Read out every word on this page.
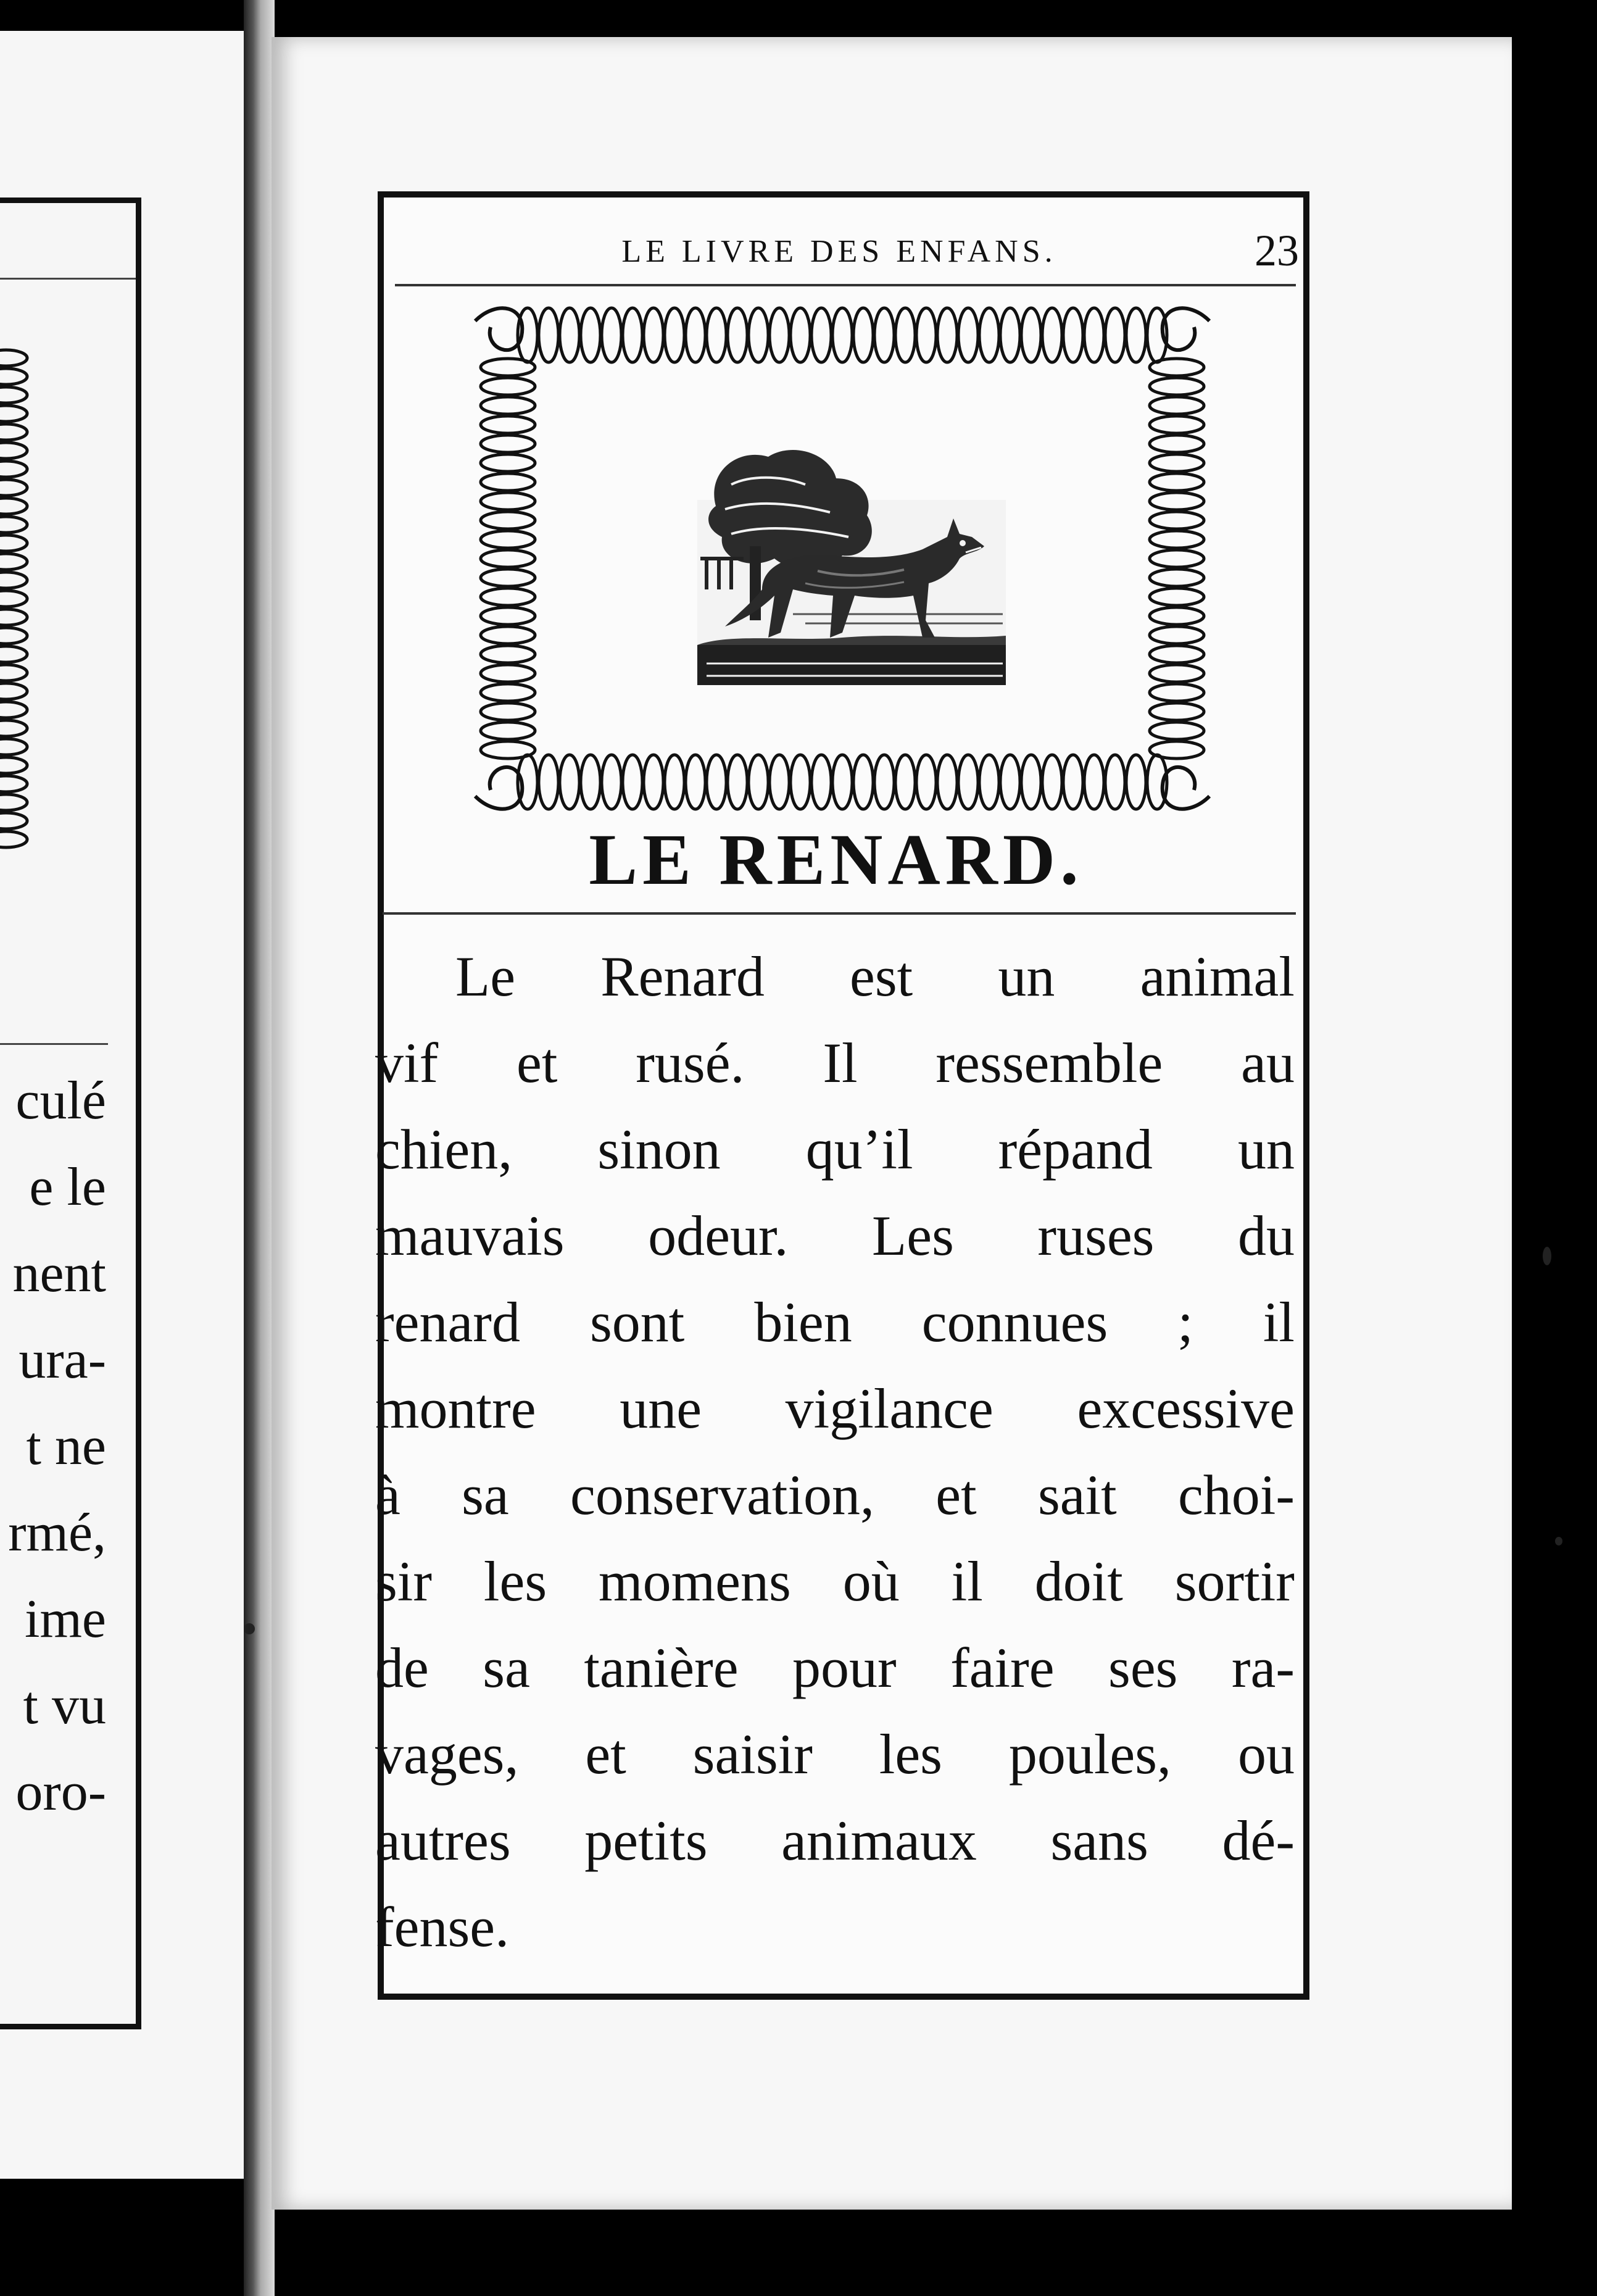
culé
e le
nent
ura-
t ne
rmé,
ime
t vu
oro-
LE LIVRE DES ENFANS.	23
LE RENARD.
Le Renard est un animal
vif et rusé. Il ressemble au
chien, sinon qu’il répand un
mauvais odeur. Les ruses du
renard sont bien connues ; il
montre une vigilance excessive
à sa conservation, et sait choi-
sir les momens où il doit sortir
de sa tanière pour faire ses ra-
vages, et saisir les poules, ou
autres petits animaux sans dé-
fense.
